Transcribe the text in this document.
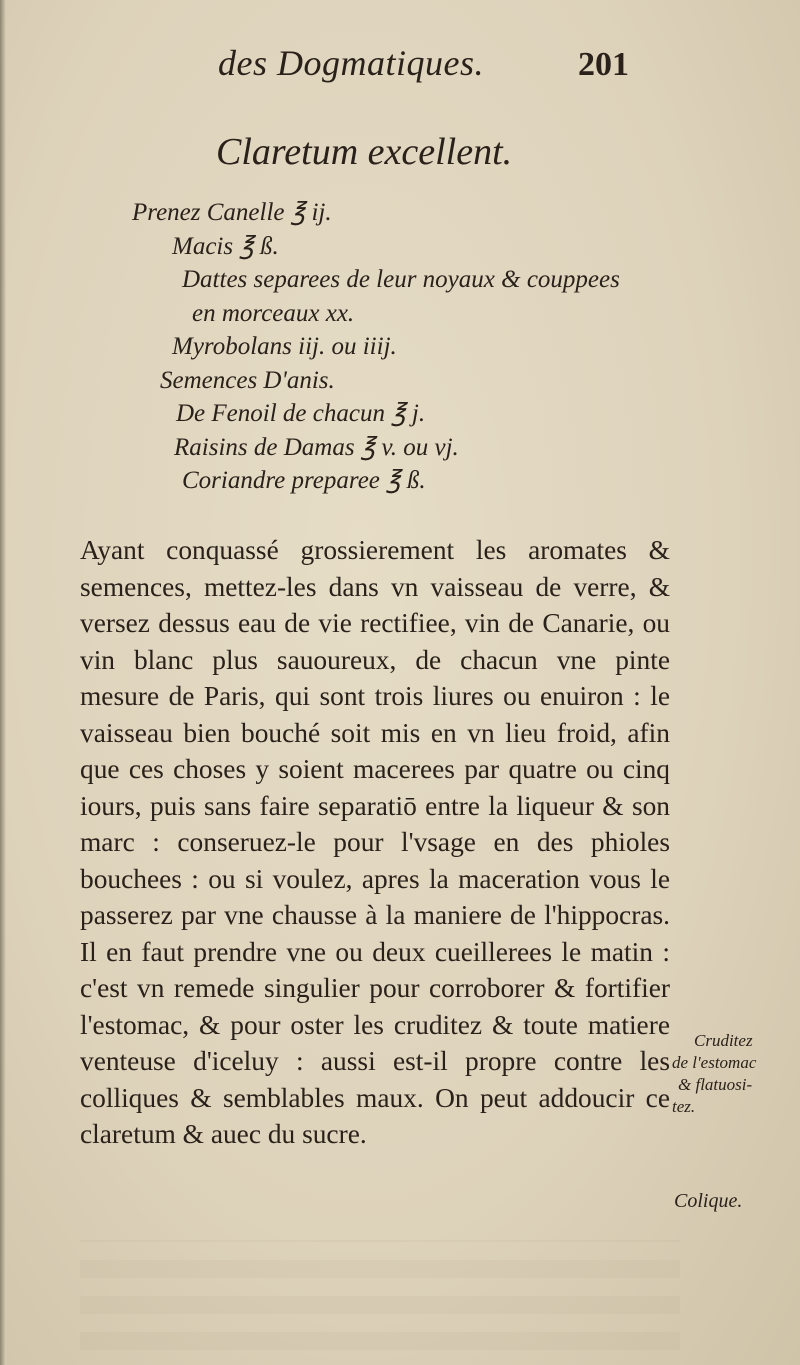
des Dogmatiques.	201
Claretum excellent.
Prenez Canelle ℥ ij.
Macis ℥ ß.
Dattes separees de leur noyaux & couppees
en morceaux xx.
Myrobolans iij. ou iiij.
Semences D'anis.
De Fenoil de chacun ℥ j.
Raisins de Damas ℥ v. ou vj.
Coriandre preparee ℥ ß.

Ayant conquassé grossierement les aromates & semences, mettez-les dans vn vaisseau de verre, & versez dessus eau de vie rectifiee, vin de Canarie, ou vin blanc plus sauoureux, de chacun vne pinte mesure de Paris, qui sont trois liures ou enuiron : le vaisseau bien bouché soit mis en vn lieu froid, afin que ces choses y soient macerees par quatre ou cinq iours, puis sans faire separatiō entre la liqueur & son marc : conseruez-le pour l'vsage en des phioles bouchees : ou si voulez, apres la maceration vous le passerez par vne chausse à la maniere de l'hippocras. Il en faut prendre vne ou deux cueillerees le matin : c'est vn remede singulier pour corroborer & fortifier l'estomac, & pour oster les cruditez & toute matiere venteuse d'iceluy : aussi est-il propre contre les colliques & semblables maux. On peut addoucir ce claretum & auec du sucre.

Cruditez
de l'estomac
& flatuosi-
tez.
Colique.
